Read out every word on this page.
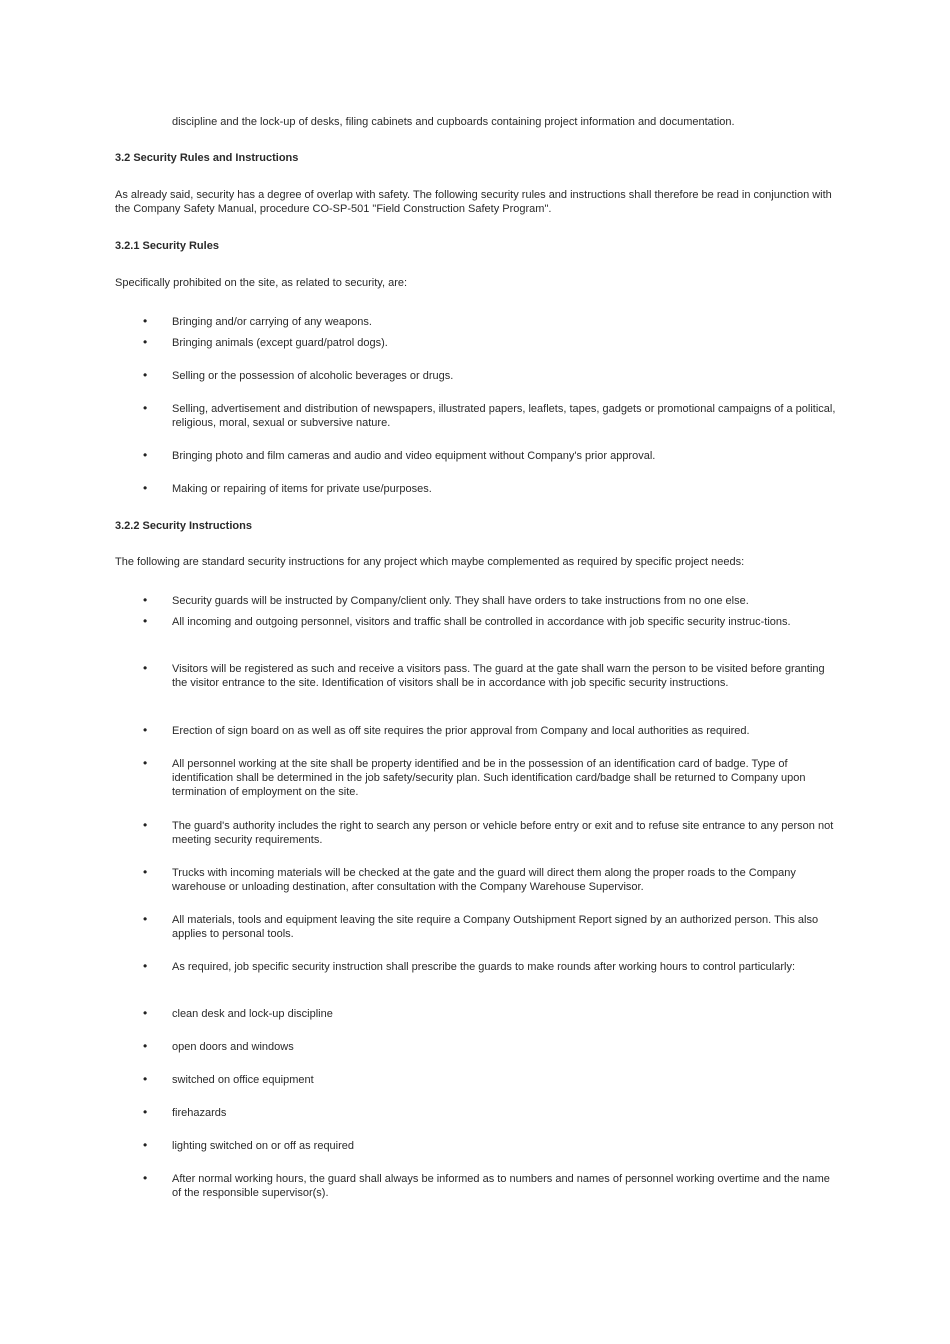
discipline and the lock-up of desks, filing cabinets and cupboards containing project information and documentation.

3.2 Security Rules and Instructions

As already said, security has a degree of overlap with safety. The following security rules and instructions shall therefore be read in conjunction with the Company Safety Manual, procedure CO-SP-501 "Field Construction Safety Program".

3.2.1 Security Rules

Specifically prohibited on the site, as related to security, are:

•	Bringing and/or carrying of any weapons.

•	Bringing animals (except guard/patrol dogs).

•	Selling or the possession of alcoholic beverages or drugs.

•	Selling, advertisement and distribution of newspapers, illustrated papers, leaflets, tapes, gadgets or promotional campaigns of a political, religious, moral, sexual or subversive nature.

•	Bringing photo and film cameras and audio and video equipment without Company's prior approval.

•	Making or repairing of items for private use/purposes.

3.2.2 Security Instructions

The following are standard security instructions for any project which maybe complemented as required by specific project needs:

•	Security guards will be instructed by Company/client only. They shall have orders to take instructions from no one else.

•	All incoming and outgoing personnel, visitors and traffic shall be controlled in accordance with job specific security instruc-tions.

•	Visitors will be registered as such and receive a visitors pass. The guard at the gate shall warn the person to be visited before granting the visitor entrance to the site. Identification of visitors shall be in accordance with job specific security instructions.

•	Erection of sign board on as well as off site requires the prior approval from Company and local authorities as required.

•	All personnel working at the site shall be property identified and be in the possession of an identification card of badge. Type of identification shall be determined in the job safety/security plan. Such identification card/badge shall be returned to Company upon termination of employment on the site.

•	The guard's authority includes the right to search any person or vehicle before entry or exit and to refuse site entrance to any person not meeting security requirements.

•	Trucks with incoming materials will be checked at the gate and the guard will direct them along the proper roads to the Company warehouse or unloading destination, after consultation with the Company Warehouse Supervisor.

•	All materials, tools and equipment leaving the site require a Company Outshipment Report signed by an authorized person. This also applies to personal tools.

•	As required, job specific security instruction shall prescribe the guards to make rounds after working hours to control particularly:

•	clean desk and lock-up discipline

•	open doors and windows

•	switched on office equipment

•	firehazards

•	lighting switched on or off as required

•	After normal working hours, the guard shall always be informed as to numbers and names of personnel working overtime and the name of the responsible supervisor(s).
